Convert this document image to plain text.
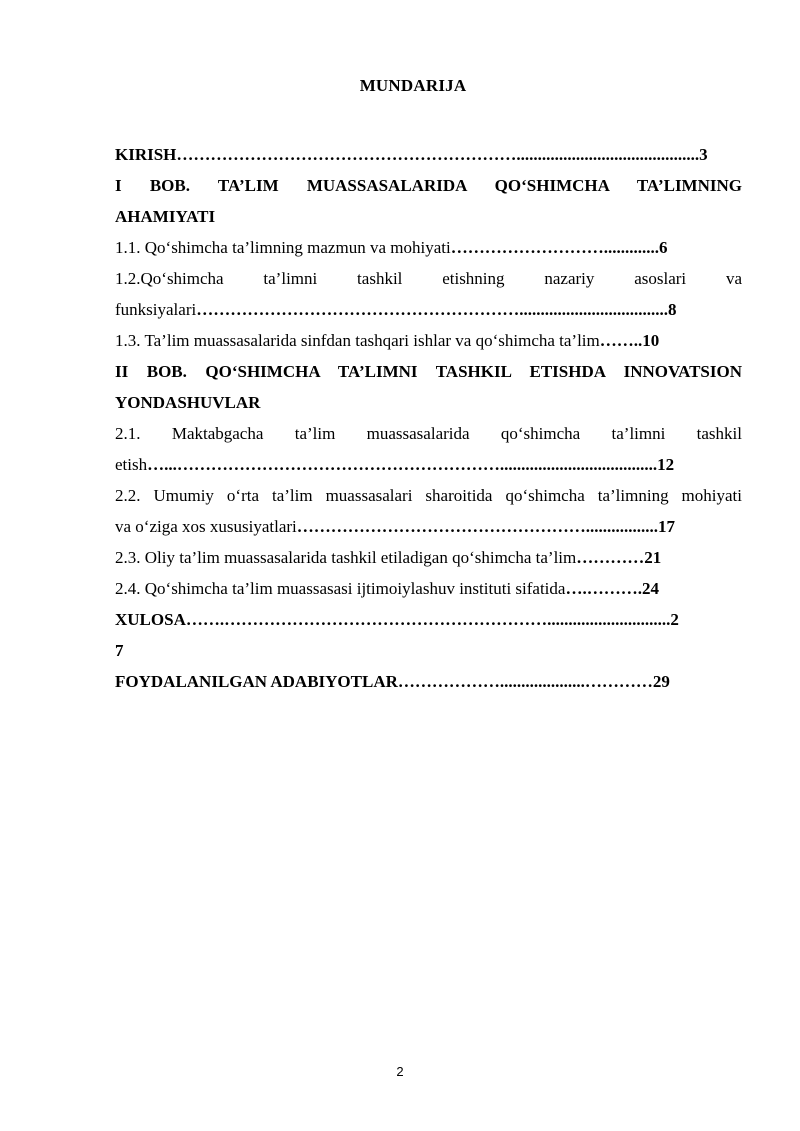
MUNDARIJA
KIRISH……………………………………………………...........................................3
I BOB. TA’LIM MUASSASALARIDA QO‘SHIMCHA TA’LIMNING
AHAMIYATI
1.1. Qo‘shimcha ta’limning mazmun va mohiyati……………………….............6
1.2.Qo‘shimcha ta’limni tashkil etishning nazariy asoslari va
funksiyalari…………………………………………………...................................8
1.3. Ta’lim muassasalarida sinfdan tashqari ishlar va qo‘shimcha ta’lim……..10
II BOB. QO‘SHIMCHA TA’LIMNI TASHKIL ETISHDA INNOVATSION
YONDASHUVLAR
2.1. Maktabgacha ta’lim muassasalarida qo‘shimcha ta’limni tashkil
etish…...………………………………………………….....................................12
2.2. Umumiy o‘rta ta’lim muassasalari sharoitida qo‘shimcha ta’limning mohiyati
va o‘ziga xos xususiyatlari…………………………………………….................17
2.3. Oliy ta’lim muassasalarida tashkil etiladigan qo‘shimcha ta’lim…………21
2.4. Qo‘shimcha ta’lim muassasasi ijtimoiylashuv instituti sifatida….……….24
XULOSA…….………………………………………………….............................2
7
FOYDALANILGAN ADABIYOTLAR………………....................…………29
2
